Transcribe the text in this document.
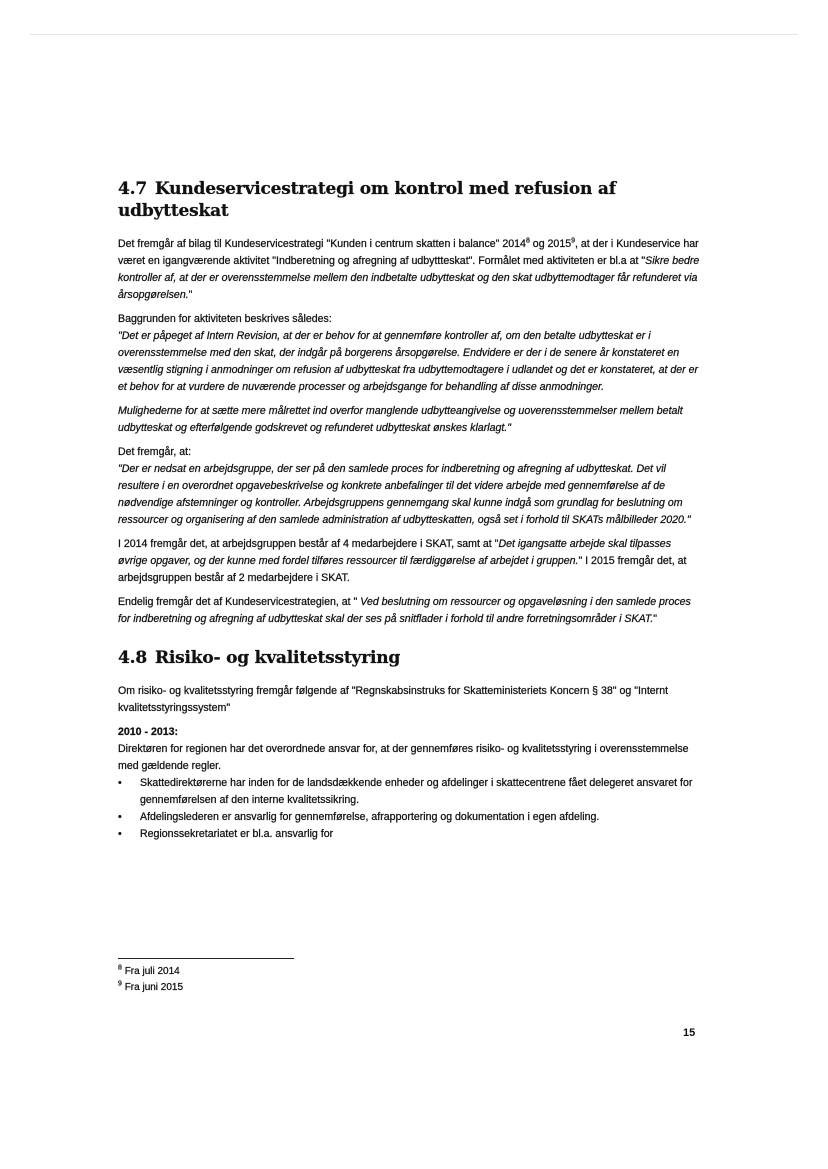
4.7 Kundeservicestrategi om kontrol med refusion af udbytteskat

Det fremgår af bilag til Kundeservicestrategi "Kunden i centrum skatten i balance" 2014$^8$ og 2015$^9$, at der i Kundeservice har været en igangværende aktivitet "Indberetning og afregning af udbyttteskat". Formålet med aktiviteten er bl.a at "Sikre bedre kontroller af, at der er overensstemmelse mellem den indbetalte udbytteskat og den skat udbyttemodtager får refunderet via årsopgørelsen."

Baggrunden for aktiviteten beskrives således:
"Det er påpeget af Intern Revision, at der er behov for at gennemføre kontroller af, om den betalte udbytteskat er i overensstemmelse med den skat, der indgår på borgerens årsopgørelse. Endvidere er der i de senere år konstateret en væsentlig stigning i anmodninger om refusion af udbytteskat fra udbyttemodtagere i udlandet og det er konstateret, at der er et behov for at vurdere de nuværende processer og arbejdsgange for behandling af disse anmodninger.

Mulighederne for at sætte mere målrettet ind overfor manglende udbytteangivelse og uoverensstemmelser mellem betalt udbytteskat og efterfølgende godskrevet og refunderet udbytteskat ønskes klarlagt."

Det fremgår, at:
"Der er nedsat en arbejdsgruppe, der ser på den samlede proces for indberetning og afregning af udbytteskat. Det vil resultere i en overordnet opgavebeskrivelse og konkrete anbefalinger til det videre arbejde med gennemførelse af de nødvendige afstemninger og kontroller. Arbejdsgruppens gennemgang skal kunne indgå som grundlag for beslutning om ressourcer og organisering af den samlede administration af udbytteskatten, også set i forhold til SKATs målbilleder 2020."

I 2014 fremgår det, at arbejdsgruppen består af 4 medarbejdere i SKAT, samt at "Det igangsatte arbejde skal tilpasses øvrige opgaver, og der kunne med fordel tilføres ressourcer til færdiggørelse af arbejdet i gruppen." I 2015 fremgår det, at arbejdsgruppen består af 2 medarbejdere i SKAT.

Endelig fremgår det af Kundeservicestrategien, at " Ved beslutning om ressourcer og opgaveløsning i den samlede proces for indberetning og afregning af udbytteskat skal der ses på snitflader i forhold til andre forretningsområder i SKAT."

4.8 Risiko- og kvalitetsstyring

Om risiko- og kvalitetsstyring fremgår følgende af "Regnskabsinstruks for Skatteministeriets Koncern § 38" og "Internt kvalitetsstyringssystem"

2010 - 2013:
Direktøren for regionen har det overordnede ansvar for, at der gennemføres risiko- og kvalitetsstyring i overensstemmelse med gældende regler.

• Skattedirektørerne har inden for de landsdækkende enheder og afdelinger i skattecentrene fået delegeret ansvaret for gennemførelsen af den interne kvalitetssikring.
• Afdelingslederen er ansvarlig for gennemførelse, afrapportering og dokumentation i egen afdeling.
• Regionssekretariatet er bl.a. ansvarlig for
$^8$ Fra juli 2014
$^9$ Fra juni 2015
15
